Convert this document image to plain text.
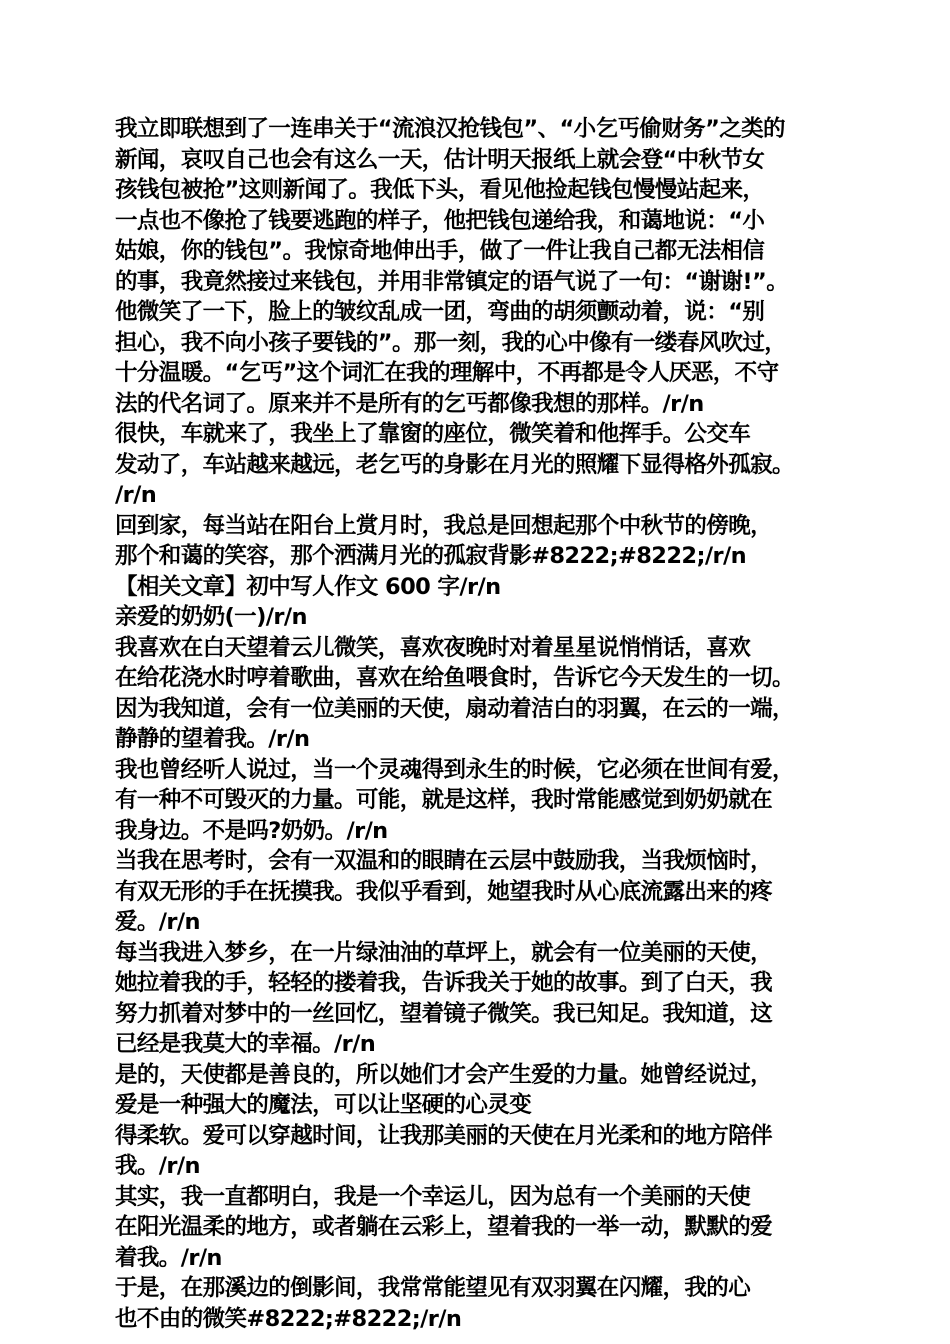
我立即联想到了一连串关于“流浪汉抢钱包”、“小乞丐偷财务”之类的
新闻，哀叹自己也会有这么一天，估计明天报纸上就会登“中秋节女
孩钱包被抢”这则新闻了。我低下头，看见他捡起钱包慢慢站起来，
一点也不像抢了钱要逃跑的样子，他把钱包递给我，和蔼地说：“小
姑娘，你的钱包”。我惊奇地伸出手，做了一件让我自己都无法相信
的事，我竟然接过来钱包，并用非常镇定的语气说了一句：“谢谢!”。
他微笑了一下，脸上的皱纹乱成一团，弯曲的胡须颤动着，说：“别
担心，我不向小孩子要钱的”。那一刻，我的心中像有一缕春风吹过，
十分温暖。“乞丐”这个词汇在我的理解中，不再都是令人厌恶，不守
法的代名词了。原来并不是所有的乞丐都像我想的那样。/r/n
很快，车就来了，我坐上了靠窗的座位，微笑着和他挥手。公交车
发动了，车站越来越远，老乞丐的身影在月光的照耀下显得格外孤寂。
/r/n
回到家，每当站在阳台上赏月时，我总是回想起那个中秋节的傍晚，
那个和蔼的笑容，那个洒满月光的孤寂背影#8222;#8222;/r/n
【相关文章】初中写人作文 600 字/r/n
亲爱的奶奶(一)/r/n
我喜欢在白天望着云儿微笑，喜欢夜晚时对着星星说悄悄话，喜欢
在给花浇水时哼着歌曲，喜欢在给鱼喂食时，告诉它今天发生的一切。
因为我知道，会有一位美丽的天使，扇动着洁白的羽翼，在云的一端，
静静的望着我。/r/n
我也曾经听人说过，当一个灵魂得到永生的时候，它必须在世间有爱，
有一种不可毁灭的力量。可能，就是这样，我时常能感觉到奶奶就在
我身边。不是吗?奶奶。/r/n
当我在思考时，会有一双温和的眼睛在云层中鼓励我，当我烦恼时，
有双无形的手在抚摸我。我似乎看到，她望我时从心底流露出来的疼
爱。/r/n
每当我进入梦乡，在一片绿油油的草坪上，就会有一位美丽的天使，
她拉着我的手，轻轻的搂着我，告诉我关于她的故事。到了白天，我
努力抓着对梦中的一丝回忆，望着镜子微笑。我已知足。我知道，这
已经是我莫大的幸福。/r/n
是的，天使都是善良的，所以她们才会产生爱的力量。她曾经说过，
爱是一种强大的魔法，可以让坚硬的心灵变
得柔软。爱可以穿越时间，让我那美丽的天使在月光柔和的地方陪伴
我。/r/n
其实，我一直都明白，我是一个幸运儿，因为总有一个美丽的天使
在阳光温柔的地方，或者躺在云彩上，望着我的一举一动，默默的爱
着我。/r/n
于是，在那溪边的倒影间，我常常能望见有双羽翼在闪耀，我的心
也不由的微笑#8222;#8222;/r/n
